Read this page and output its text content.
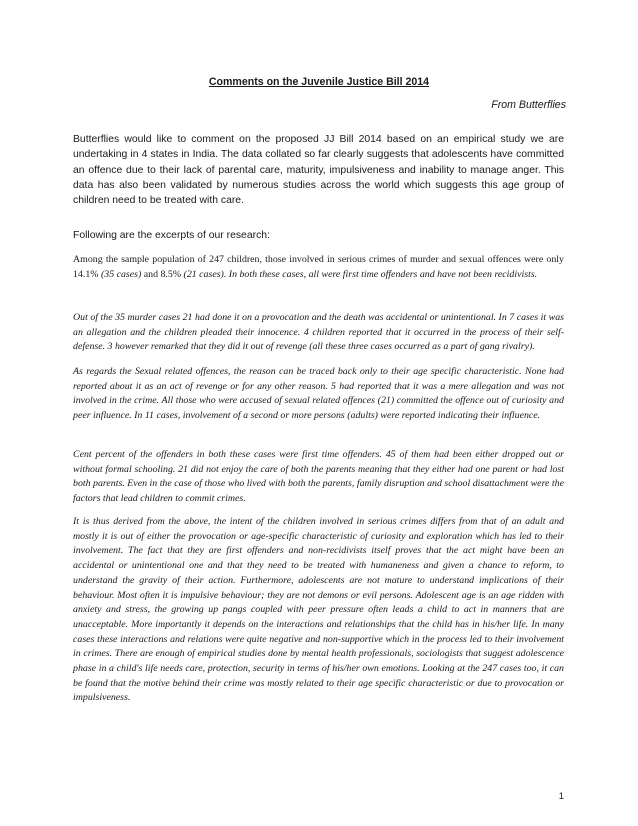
Comments on the Juvenile Justice Bill 2014
From Butterflies
Butterflies would like to comment on the proposed JJ Bill 2014 based on an empirical study we are undertaking in 4 states in India. The data collated so far clearly suggests that adolescents have committed an offence due to their lack of parental care, maturity, impulsiveness and inability to manage anger. This data has also been validated by numerous studies across the world which suggests this age group of children need to be treated with care.
Following are the excerpts of our research:
Among the sample population of 247 children, those involved in serious crimes of murder and sexual offences were only 14.1% (35 cases) and 8.5% (21 cases). In both these cases, all were first time offenders and have not been recidivists.
Out of the 35 murder cases 21 had done it on a provocation and the death was accidental or unintentional. In 7 cases it was an allegation and the children pleaded their innocence. 4 children reported that it occurred in the process of their self-defense. 3 however remarked that they did it out of revenge (all these three cases occurred as a part of gang rivalry).
As regards the Sexual related offences, the reason can be traced back only to their age specific characteristic. None had reported about it as an act of revenge or for any other reason. 5 had reported that it was a mere allegation and was not involved in the crime. All those who were accused of sexual related offences (21) committed the offence out of curiosity and peer influence. In 11 cases, involvement of a second or more persons (adults) were reported indicating their influence.
Cent percent of the offenders in both these cases were first time offenders. 45 of them had been either dropped out or without formal schooling. 21 did not enjoy the care of both the parents meaning that they either had one parent or had lost both parents. Even in the case of those who lived with both the parents, family disruption and school disattachment were the factors that lead children to commit crimes.
It is thus derived from the above, the intent of the children involved in serious crimes differs from that of an adult and mostly it is out of either the provocation or age-specific characteristic of curiosity and exploration which has led to their involvement. The fact that they are first offenders and non-recidivists itself proves that the act might have been an accidental or unintentional one and that they need to be treated with humaneness and given a chance to reform, to understand the gravity of their action. Furthermore, adolescents are not mature to understand implications of their behaviour. Most often it is impulsive behaviour; they are not demons or evil persons. Adolescent age is an age ridden with anxiety and stress, the growing up pangs coupled with peer pressure often leads a child to act in manners that are unacceptable. More importantly it depends on the interactions and relationships that the child has in his/her life. In many cases these interactions and relations were quite negative and non-supportive which in the process led to their involvement in crimes. There are enough of empirical studies done by mental health professionals, sociologists that suggest adolescence phase in a child's life needs care, protection, security in terms of his/her own emotions. Looking at the 247 cases too, it can be found that the motive behind their crime was mostly related to their age specific characteristic or due to provocation or impulsiveness.
1
